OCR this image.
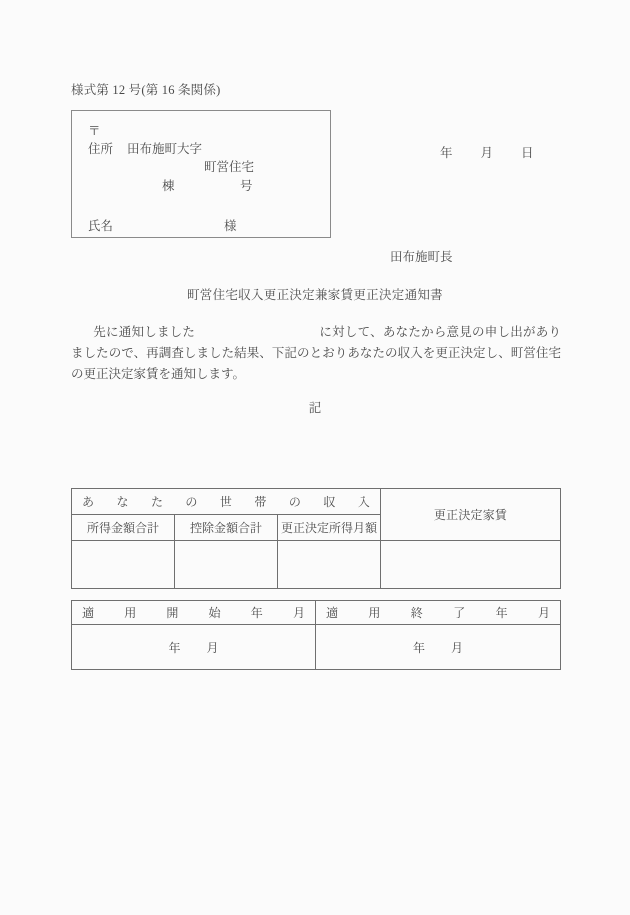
様式第 12 号(第 16 条関係)
〒
住所 田布施町大字
町営住宅
棟	号
氏名	様
年 月 日
田布施町長
町営住宅収入更正決定兼家賃更正決定通知書
先に通知しました	に対して、あなたから意見の申し出がありましたので、再調査しました結果、下記のとおりあなたの収入を更正決定し、町営住宅の更正決定家賃を通知します。
記
あなたの世帯の収入			更正決定家賃
所得金額合計	控除金額合計	更正決定所得月額	

適用開始年月	適用終了年月

年 月	年 月
